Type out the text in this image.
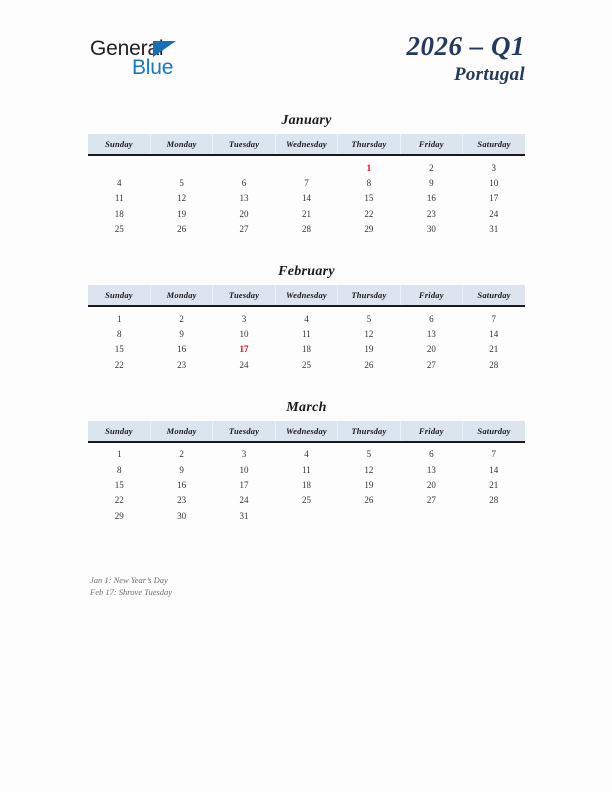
General
Blue
2026 – Q1
Portugal
January
Sunday	Monday	Tuesday	Wednesday	Thursday	Friday	Saturday
				1	2	3
4	5	6	7	8	9	10
11	12	13	14	15	16	17
18	19	20	21	22	23	24
25	26	27	28	29	30	31
February
Sunday	Monday	Tuesday	Wednesday	Thursday	Friday	Saturday
1	2	3	4	5	6	7
8	9	10	11	12	13	14
15	16	17	18	19	20	21
22	23	24	25	26	27	28
March
Sunday	Monday	Tuesday	Wednesday	Thursday	Friday	Saturday
1	2	3	4	5	6	7
8	9	10	11	12	13	14
15	16	17	18	19	20	21
22	23	24	25	26	27	28
29	30	31				
Jan 1: New Year’s Day
Feb 17: Shrove Tuesday
